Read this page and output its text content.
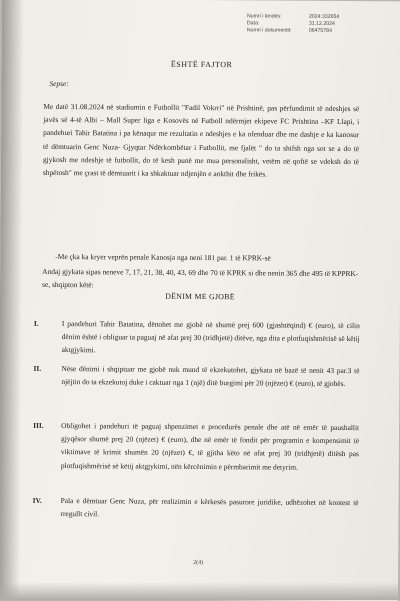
Numri i lëndës:	2024:332654
Data:	31.12.2024
Numri i dokumentit:	06475784
ËSHTË FAJTOR
Sepse:
Me datë 31.08.2024 në stadiumin e Futbollit "Fadil Vokrri" në Prishtinë, pas përfundimit të ndeshjes së javës së 4-të Albi – Mall Super liga e Kosovës në Futboll ndërmjet ekipeve FC Prishtina –KF Llapi, i pandehuri Tahir Batatina i pa kënaqur me rezultatin e ndeshjes e ka ofenduar dhe me dashje e ka kanosur të dëmtuarin Genc Nuza- Gjyqtar Ndërkombëtar i Futbollit, me fjalët " do ta shifsh nga sot se a do të gjykosh me ndeshje të futbollit, do të kesh punë me mua personalisht, vetëm në qoftë se vdeksh do të shpëtosh" me çrast të dëmtuarit i ka shkaktuar ndjenjën e ankthit dhe frikës.
-Me çka ka kryer veprën penale Kanosja nga neni 181 par. 1 të KPRK-së
Andaj gjykata sipas neneve 7, 17, 21, 38, 40, 43, 69 dhe 70 të KPRK si dhe nenin 365 dhe 495 të KPPRK-se, shqipton këtë:
DËNIM ME GJOBË
I.	I pandehuri Tahir Batatina, dënohet me gjobë në shumë prej 600 (gjashtëqind) € (euro), të cilin dënim është i obliguar ta paguaj në afat prej 30 (tridhjetë) ditëve, nga dita e plotfuqishmërisë së këtij aktgjykimi.
II.	Nëse dënimi i shqiptuar me gjobë nuk mund të ekzekutohet, gjykata në bazë të nenit 43 par.3 të njëjtin do ta ekzekutoj duke i caktuar nga 1 (një) ditë burgimi për 20 (njëzet) € (euro), të gjobës.
III.	Obligohet i pandehuri të paguaj shpenzimet e procedurës penale dhe atë në emër të paushallit gjyqësor shumë prej 20 (njëzet) € (euro), dhe në emër të fondit për programin e kompensimit të viktimave të krimit shumën 20 (njëzet) €, të gjitha këto në afat prej 30 (tridhjetë) ditësh pas plotfuqishmërisë së këtij aktgjykimi, nën kërcënimin e përmbarimit me detyrim.
IV.	Pala e dëmtuar Genc Nuza, për realizimin e kërkesës pasurore juridike, udhëzohet në kontest të rregullt civil.
2(4)
